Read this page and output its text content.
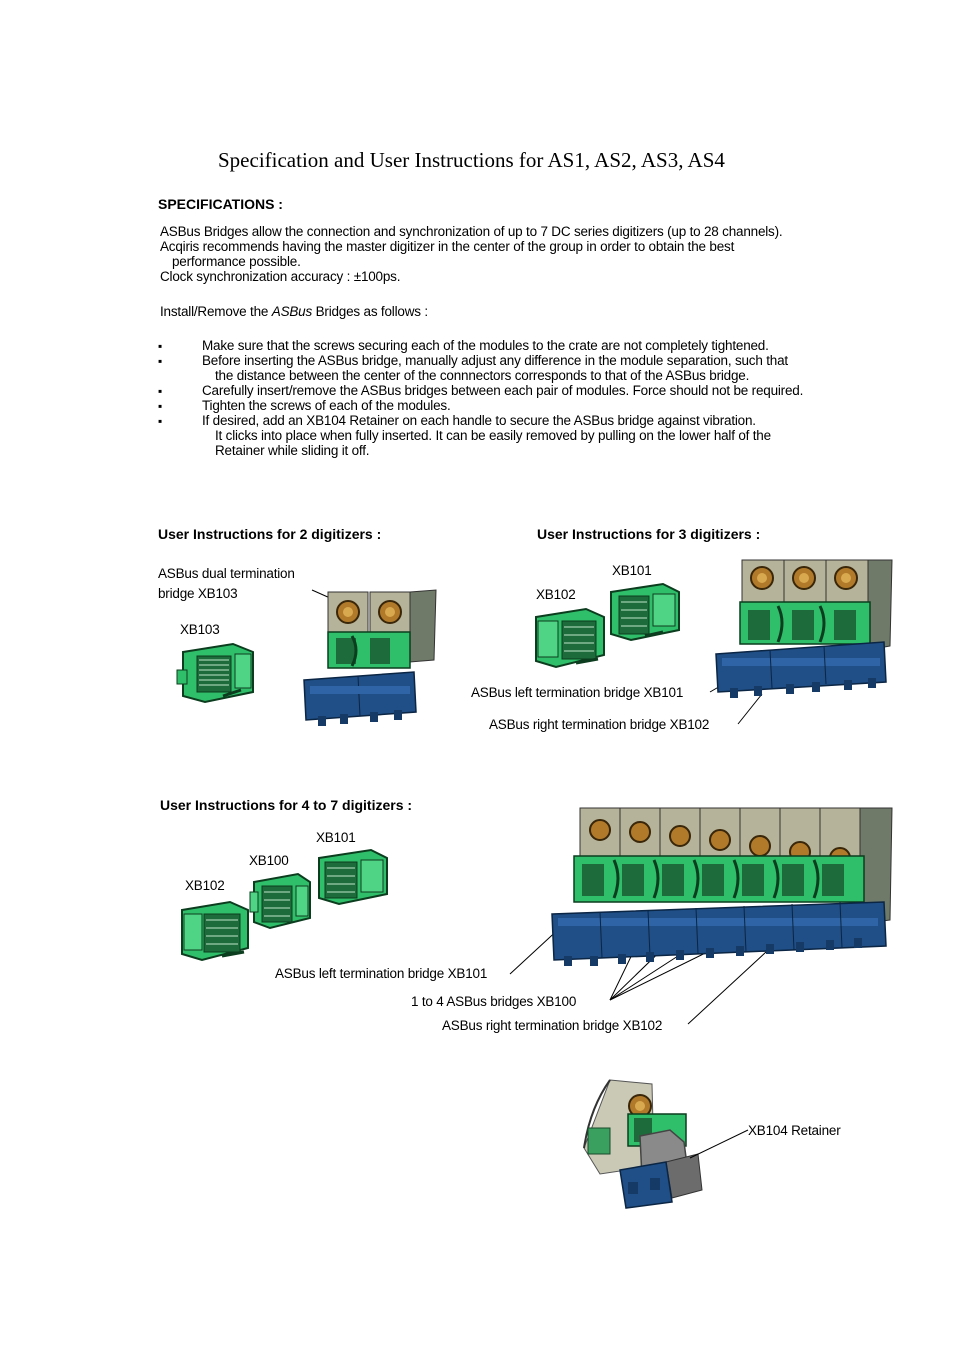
Specification and User Instructions for AS1, AS2, AS3, AS4
SPECIFICATIONS :
ASBus Bridges allow the connection and synchronization of up to 7 DC series digitizers (up to 28 channels).
Acqiris recommends having the master digitizer in the center of the group in order to obtain the best
performance possible.
Clock synchronization accuracy : ±100ps.
Install/Remove the ASBus Bridges as follows :
▪	Make sure that the screws securing each of the modules to the crate are not completely tightened.
▪	Before inserting the ASBus bridge, manually adjust any difference in the module separation, such that
the distance between the center of the connnectors corresponds to that of the ASBus bridge.
▪	Carefully insert/remove the ASBus bridges between each pair of modules. Force should not be required.
▪	Tighten the screws of each of the modules.
▪	If desired, add an XB104 Retainer on each handle to secure the ASBus bridge against vibration.
It clicks into place when fully inserted. It can be easily removed by pulling on the lower half of the
Retainer while sliding it off.
User Instructions for 2 digitizers :
ASBus dual termination
bridge XB103
XB103
User Instructions for 3 digitizers :
XB101
XB102
ASBus left termination bridge XB101
ASBus right termination bridge XB102
User Instructions for 4 to 7 digitizers :
XB101
XB100
XB102
ASBus left termination bridge XB101
1 to 4 ASBus bridges XB100
ASBus right termination bridge XB102
XB104 Retainer
